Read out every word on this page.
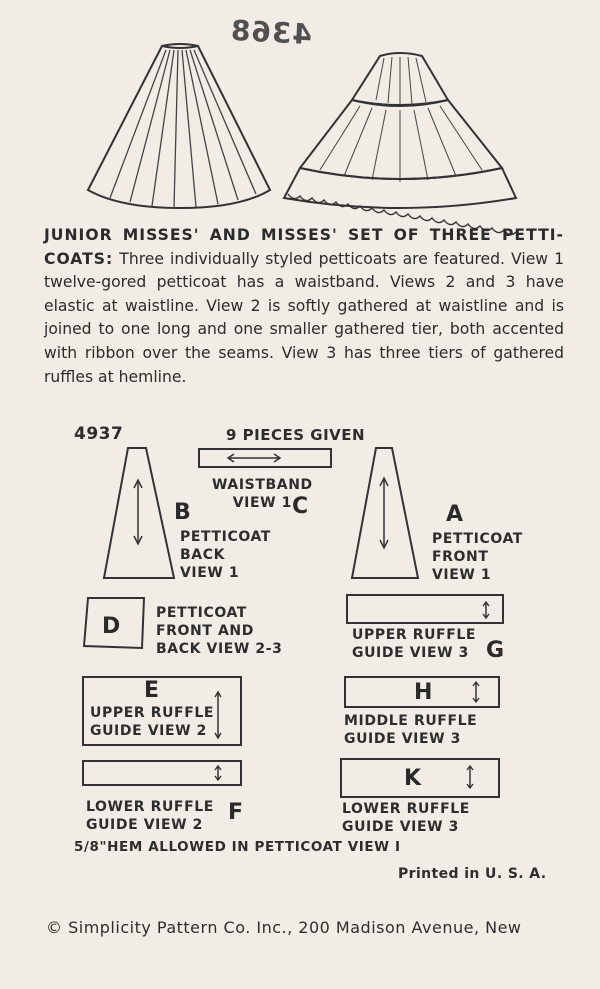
4368
JUNIOR MISSES' AND MISSES' SET OF THREE PETTI-COATS: Three individually styled petticoats are featured. View 1 twelve-gored petticoat has a waistband. Views 2 and 3 have elastic at waistline. View 2 is softly gathered at waistline and is joined to one long and one smaller gathered tier, both accented with ribbon over the seams. View 3 has three tiers of gathered ruffles at hemline.
4937	9 PIECES GIVEN
B
PETTICOAT
BACK
VIEW 1
WAISTBAND
VIEW 1 C	A
PETTICOAT
FRONT
VIEW 1
D
PETTICOAT
FRONT AND
BACK VIEW 2-3
UPPER RUFFLE
GUIDE VIEW 3 G
E
UPPER RUFFLE
GUIDE VIEW 2
H
MIDDLE RUFFLE
GUIDE VIEW 3
LOWER RUFFLE
GUIDE VIEW 2	F
K
LOWER RUFFLE
GUIDE VIEW 3
5/8"HEM ALLOWED IN PETTICOAT VIEW I
Printed in U. S. A.
© Simplicity Pattern Co. Inc., 200 Madison Avenue, New
